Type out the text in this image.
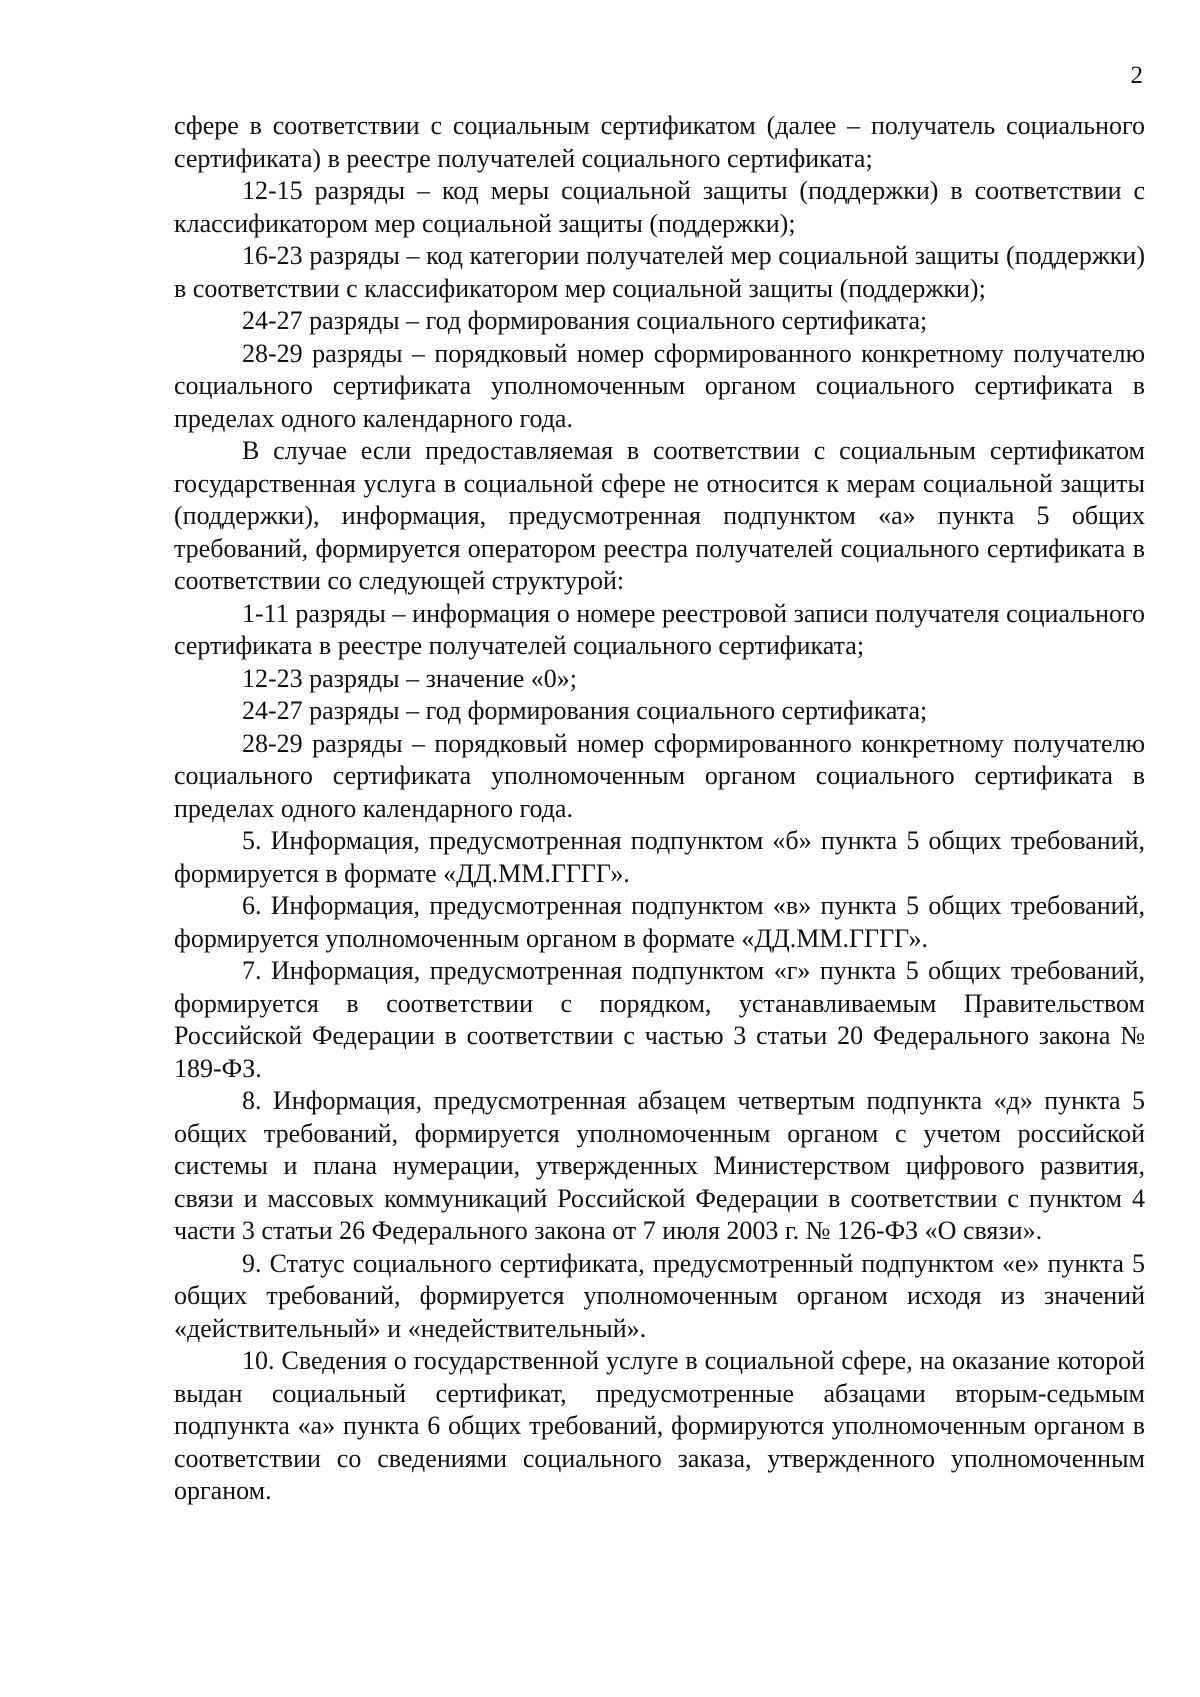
2

сфере в соответствии с социальным сертификатом (далее – получатель социального сертификата) в реестре получателей социального сертификата;

12-15 разряды – код меры социальной защиты (поддержки) в соответствии с классификатором мер социальной защиты (поддержки);

16-23 разряды – код категории получателей мер социальной защиты (поддержки) в соответствии с классификатором мер социальной защиты (поддержки);

24-27 разряды – год формирования социального сертификата;

28-29 разряды – порядковый номер сформированного конкретному получателю социального сертификата уполномоченным органом социального сертификата в пределах одного календарного года.

В случае если предоставляемая в соответствии с социальным сертификатом государственная услуга в социальной сфере не относится к мерам социальной защиты (поддержки), информация, предусмотренная подпунктом «а» пункта 5 общих требований, формируется оператором реестра получателей социального сертификата в соответствии со следующей структурой:

1-11 разряды – информация о номере реестровой записи получателя социального сертификата в реестре получателей социального сертификата;

12-23 разряды – значение «0»;

24-27 разряды – год формирования социального сертификата;

28-29 разряды – порядковый номер сформированного конкретному получателю социального сертификата уполномоченным органом социального сертификата в пределах одного календарного года.

5. Информация, предусмотренная подпунктом «б» пункта 5 общих требований, формируется в формате «ДД.ММ.ГГГГ».

6. Информация, предусмотренная подпунктом «в» пункта 5 общих требований, формируется уполномоченным органом в формате «ДД.ММ.ГГГГ».

7. Информация, предусмотренная подпунктом «г» пункта 5 общих требований, формируется в соответствии с порядком, устанавливаемым Правительством Российской Федерации в соответствии с частью 3 статьи 20 Федерального закона № 189-ФЗ.

8. Информация, предусмотренная абзацем четвертым подпункта «д» пункта 5 общих требований, формируется уполномоченным органом с учетом российской системы и плана нумерации, утвержденных Министерством цифрового развития, связи и массовых коммуникаций Российской Федерации в соответствии с пунктом 4 части 3 статьи 26 Федерального закона от 7 июля 2003 г. № 126-ФЗ «О связи».

9. Статус социального сертификата, предусмотренный подпунктом «е» пункта 5 общих требований, формируется уполномоченным органом исходя из значений «действительный» и «недействительный».

10. Сведения о государственной услуге в социальной сфере, на оказание которой выдан социальный сертификат, предусмотренные абзацами вторым-седьмым подпункта «а» пункта 6 общих требований, формируются уполномоченным органом в соответствии со сведениями социального заказа, утвержденного уполномоченным органом.
